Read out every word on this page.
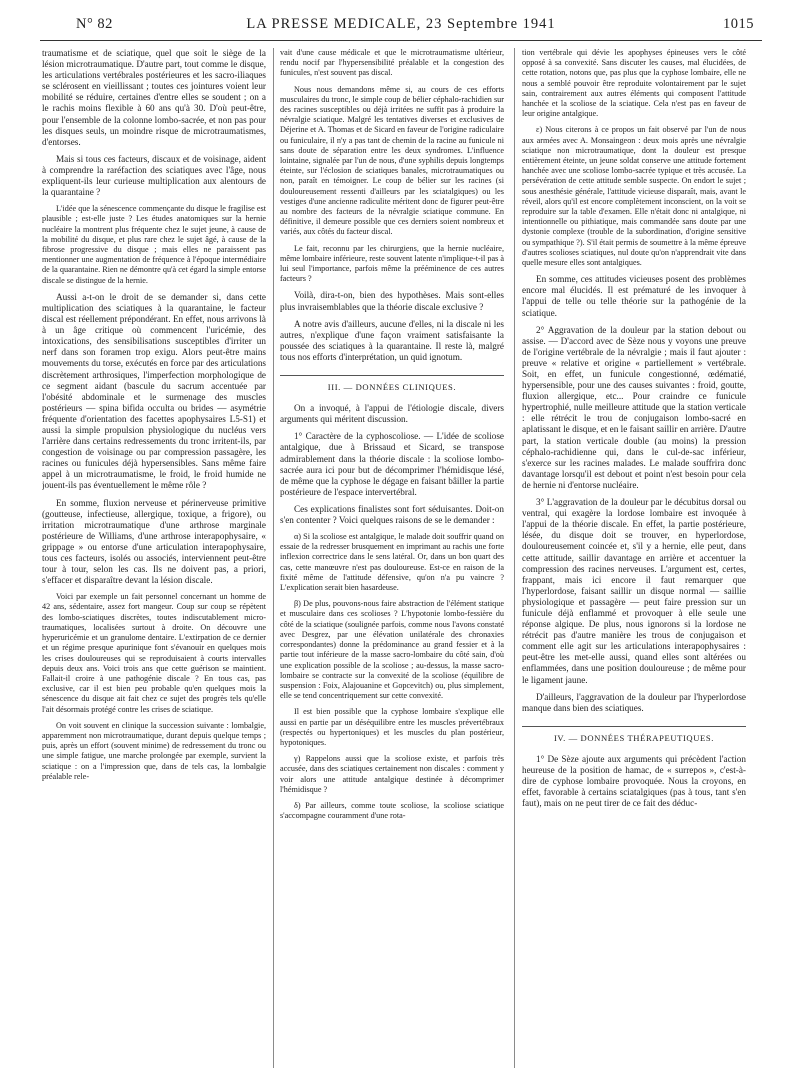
N° 82	LA PRESSE MEDICALE, 23 Septembre 1941	1015

traumatisme et de sciatique, quel que soit le siège de la lésion microtraumatique. D'autre part, tout comme le disque, les articulations vertébrales postérieures et les sacro-iliaques se sclérosent en vieillissant ; toutes ces jointures voient leur mobilité se réduire, certaines d'entre elles se soudent ; on a le rachis moins flexible à 60 ans qu'à 30. D'où peut-être, pour l'ensemble de la colonne lombo-sacrée, et non pas pour les disques seuls, un moindre risque de microtraumatismes, d'entorses.

Mais si tous ces facteurs, discaux et de voisinage, aident à comprendre la raréfaction des sciatiques avec l'âge, nous expliquent-ils leur curieuse multiplication aux alentours de la quarantaine ?

L'idée que la sénescence commençante du disque le fragilise est plausible ; est-elle juste ? Les études anatomiques sur la hernie nucléaire la montrent plus fréquente chez le sujet jeune, à cause de la mobilité du disque, et plus rare chez le sujet âgé, à cause de la fibrose progressive du disque ; mais elles ne paraissent pas mentionner une augmentation de fréquence à l'époque intermédiaire de la quarantaine. Rien ne démontre qu'à cet égard la simple entorse discale se distingue de la hernie.

Aussi a-t-on le droit de se demander si, dans cette multiplication des sciatiques à la quarantaine, le facteur discal est réellement prépondérant. En effet, nous arrivons là à un âge critique où commencent l'uricémie, des intoxications, des sensibilisations susceptibles d'irriter un nerf dans son foramen trop exigu. Alors peut-être mains mouvements du torse, exécutés en force par des articulations discrètement arthrosiques, l'imperfection morphologique de ce segment aidant (bascule du sacrum accentuée par l'obésité abdominale et le surmenage des muscles postérieurs — spina bifida occulta ou brides — asymétrie fréquente d'orientation des facettes apophysaires L5-S1) et aussi la simple propulsion physiologique du nucléus vers l'arrière dans certains redressements du tronc irritent-ils, par congestion de voisinage ou par compression passagère, les racines ou funicules déjà hypersensibles. Sans même faire appel à un microtraumatisme, le froid, le froid humide ne jouent-ils pas éventuellement le même rôle ?

En somme, fluxion nerveuse et périnerveuse primitive (goutteuse, infectieuse, allergique, toxique, a frigore), ou irritation microtraumatique d'une arthrose marginale postérieure de Williams, d'une arthrose interapophysaire, « grippage » ou entorse d'une articulation interapophysaire, tous ces facteurs, isolés ou associés, interviennent peut-être tour à tour, selon les cas. Ils ne doivent pas, a priori, s'effacer et disparaître devant la lésion discale.

Voici par exemple un fait personnel concernant un homme de 42 ans, sédentaire, assez fort mangeur. Coup sur coup se répètent des lombo-sciatiques discrètes, toutes indiscutablement micro-traumatiques, localisées surtout à droite. On découvre une hyperuricémie et un granulome dentaire. L'extirpation de ce dernier et un régime presque apurinique font s'évanouir en quelques mois les crises douloureuses qui se reproduisaient à courts intervalles depuis deux ans. Voici trois ans que cette guérison se maintient. Fallait-il croire à une pathogénie discale ? En tous cas, pas exclusive, car il est bien peu probable qu'en quelques mois la sénescence du disque ait fait chez ce sujet des progrès tels qu'elle l'ait désormais protégé contre les crises de sciatique.

On voit souvent en clinique la succession suivante : lombalgie, apparemment non microtraumatique, durant depuis quelque temps ; puis, après un effort (souvent minime) de redressement du tronc ou une simple fatigue, une marche prolongée par exemple, survient la sciatique : on a l'impression que, dans de tels cas, la lombalgie préalable rele-

vait d'une cause médicale et que le microtraumatisme ultérieur, rendu nocif par l'hypersensibilité préalable et la congestion des funicules, n'est souvent pas discal.

Nous nous demandons même si, au cours de ces efforts musculaires du tronc, le simple coup de bélier céphalo-rachidien sur des racines susceptibles ou déjà irritées ne suffit pas à produire la névralgie sciatique. Malgré les tentatives diverses et exclusives de Déjerine et A. Thomas et de Sicard en faveur de l'origine radiculaire ou funiculaire, il n'y a pas tant de chemin de la racine au funicule ni sans doute de séparation entre les deux syndromes. L'influence lointaine, signalée par l'un de nous, d'une syphilis depuis longtemps éteinte, sur l'éclosion de sciatiques banales, microtraumatiques ou non, paraît en témoigner. Le coup de bélier sur les racines (si douloureusement ressenti d'ailleurs par les sciatalgiques) ou les vestiges d'une ancienne radiculite méritent donc de figurer peut-être au nombre des facteurs de la névralgie sciatique commune. En définitive, il demeure possible que ces derniers soient nombreux et variés, aux côtés du facteur discal.

Le fait, reconnu par les chirurgiens, que la hernie nucléaire, même lombaire inférieure, reste souvent latente n'implique-t-il pas à lui seul l'importance, parfois même la prééminence de ces autres facteurs ?

Voilà, dira-t-on, bien des hypothèses. Mais sont-elles plus invraisemblables que la théorie discale exclusive ?

A notre avis d'ailleurs, aucune d'elles, ni la discale ni les autres, n'explique d'une façon vraiment satisfaisante la poussée des sciatiques à la quarantaine. Il reste là, malgré tous nos efforts d'interprétation, un quid ignotum.

III. — DONNÉES CLINIQUES.

On a invoqué, à l'appui de l'étiologie discale, divers arguments qui méritent discussion.

1° Caractère de la cyphoscoliose. — L'idée de scoliose antalgique, due à Brissaud et Sicard, se transpose admirablement dans la théorie discale : la scoliose lombo-sacrée aura ici pour but de décomprimer l'hémidisque lésé, de même que la cyphose le dégage en faisant bâiller la partie postérieure de l'espace intervertébral.

Ces explications finalistes sont fort séduisantes. Doit-on s'en contenter ? Voici quelques raisons de se le demander :

α) Si la scoliose est antalgique, le malade doit souffrir quand on essaie de la redresser brusquement en imprimant au rachis une forte inflexion correctrice dans le sens latéral. Or, dans un bon quart des cas, cette manœuvre n'est pas douloureuse. Est-ce en raison de la fixité même de l'attitude défensive, qu'on n'a pu vaincre ? L'explication serait bien hasardeuse.

β) De plus, pouvons-nous faire abstraction de l'élément statique et musculaire dans ces scolioses ? L'hypotonie lombo-fessière du côté de la sciatique (soulignée parfois, comme nous l'avons constaté avec Desgrez, par une élévation unilatérale des chronaxies correspondantes) donne la prédominance au grand fessier et à la partie tout inférieure de la masse sacro-lombaire du côté sain, d'où une explication possible de la scoliose ; au-dessus, la masse sacro-lombaire se contracte sur la convexité de la scoliose (équilibre de suspension : Foix, Alajouanine et Gopcevitch) ou, plus simplement, elle se tend concentriquement sur cette convexité.

Il est bien possible que la cyphose lombaire s'explique elle aussi en partie par un déséquilibre entre les muscles prévertébraux (respectés ou hypertoniques) et les muscles du plan postérieur, hypotoniques.

γ) Rappelons aussi que la scoliose existe, et parfois très accusée, dans des sciatiques certainement non discales : comment y voir alors une attitude antalgique destinée à décomprimer l'hémidisque ?

δ) Par ailleurs, comme toute scoliose, la scoliose sciatique s'accompagne couramment d'une rota-

tion vertébrale qui dévie les apophyses épineuses vers le côté opposé à sa convexité. Sans discuter les causes, mal élucidées, de cette rotation, notons que, pas plus que la cyphose lombaire, elle ne nous a semblé pouvoir être reproduite volontairement par le sujet sain, contrairement aux autres éléments qui composent l'attitude hanchée et la scoliose de la sciatique. Cela n'est pas en faveur de leur origine antalgique.

ε) Nous citerons à ce propos un fait observé par l'un de nous aux armées avec A. Monsaingeon : deux mois après une névralgie sciatique non microtraumatique, dont la douleur est presque entièrement éteinte, un jeune soldat conserve une attitude fortement hanchée avec une scoliose lombo-sacrée typique et très accusée. La persévération de cette attitude semble suspecte. On endort le sujet ; sous anesthésie générale, l'attitude vicieuse disparaît, mais, avant le réveil, alors qu'il est encore complètement inconscient, on la voit se reproduire sur la table d'examen. Elle n'était donc ni antalgique, ni intentionnelle ou pithiatique, mais commandée sans doute par une dystonie complexe (trouble de la subordination, d'origine sensitive ou sympathique ?). S'il était permis de soumettre à la même épreuve d'autres scolioses sciatiques, nul doute qu'on n'apprendrait vite dans quelle mesure elles sont antalgiques.

En somme, ces attitudes vicieuses posent des problèmes encore mal élucidés. Il est prématuré de les invoquer à l'appui de telle ou telle théorie sur la pathogénie de la sciatique.

2° Aggravation de la douleur par la station debout ou assise. — D'accord avec de Sèze nous y voyons une preuve de l'origine vertébrale de la névralgie ; mais il faut ajouter : preuve « relative et origine « partiellement » vertébrale. Soit, en effet, un funicule congestionné, œdématié, hypersensible, pour une des causes suivantes : froid, goutte, fluxion allergique, etc... Pour craindre ce funicule hypertrophié, nulle meilleure attitude que la station verticale : elle rétrécit le trou de conjugaison lombo-sacré en aplatissant le disque, et en le faisant saillir en arrière. D'autre part, la station verticale double (au moins) la pression céphalo-rachidienne qui, dans le cul-de-sac inférieur, s'exerce sur les racines malades. Le malade souffrira donc davantage lorsqu'il est debout et point n'est besoin pour cela de hernie ni d'entorse nucléaire.

3° L'aggravation de la douleur par le décubitus dorsal ou ventral, qui exagère la lordose lombaire est invoquée à l'appui de la théorie discale. En effet, la partie postérieure, lésée, du disque doit se trouver, en hyperlordose, douloureusement coincée et, s'il y a hernie, elle peut, dans cette attitude, saillir davantage en arrière et accentuer la compression des racines nerveuses. L'argument est, certes, frappant, mais ici encore il faut remarquer que l'hyperlordose, faisant saillir un disque normal — saillie physiologique et passagère — peut faire pression sur un funicule déjà enflammé et provoquer à elle seule une réponse algique. De plus, nous ignorons si la lordose ne rétrécit pas d'autre manière les trous de conjugaison et comment elle agit sur les articulations interapophysaires : peut-être les met-elle aussi, quand elles sont altérées ou enflammées, dans une position douloureuse ; de même pour le ligament jaune.

D'ailleurs, l'aggravation de la douleur par l'hyperlordose manque dans bien des sciatiques.

IV. — DONNÉES THÉRAPEUTIQUES.

1° De Sèze ajoute aux arguments qui précèdent l'action heureuse de la position de hamac, de « surrepos », c'est-à-dire de cyphose lombaire provoquée. Nous la croyons, en effet, favorable à certains sciatalgiques (pas à tous, tant s'en faut), mais on ne peut tirer de ce fait des déduc-
